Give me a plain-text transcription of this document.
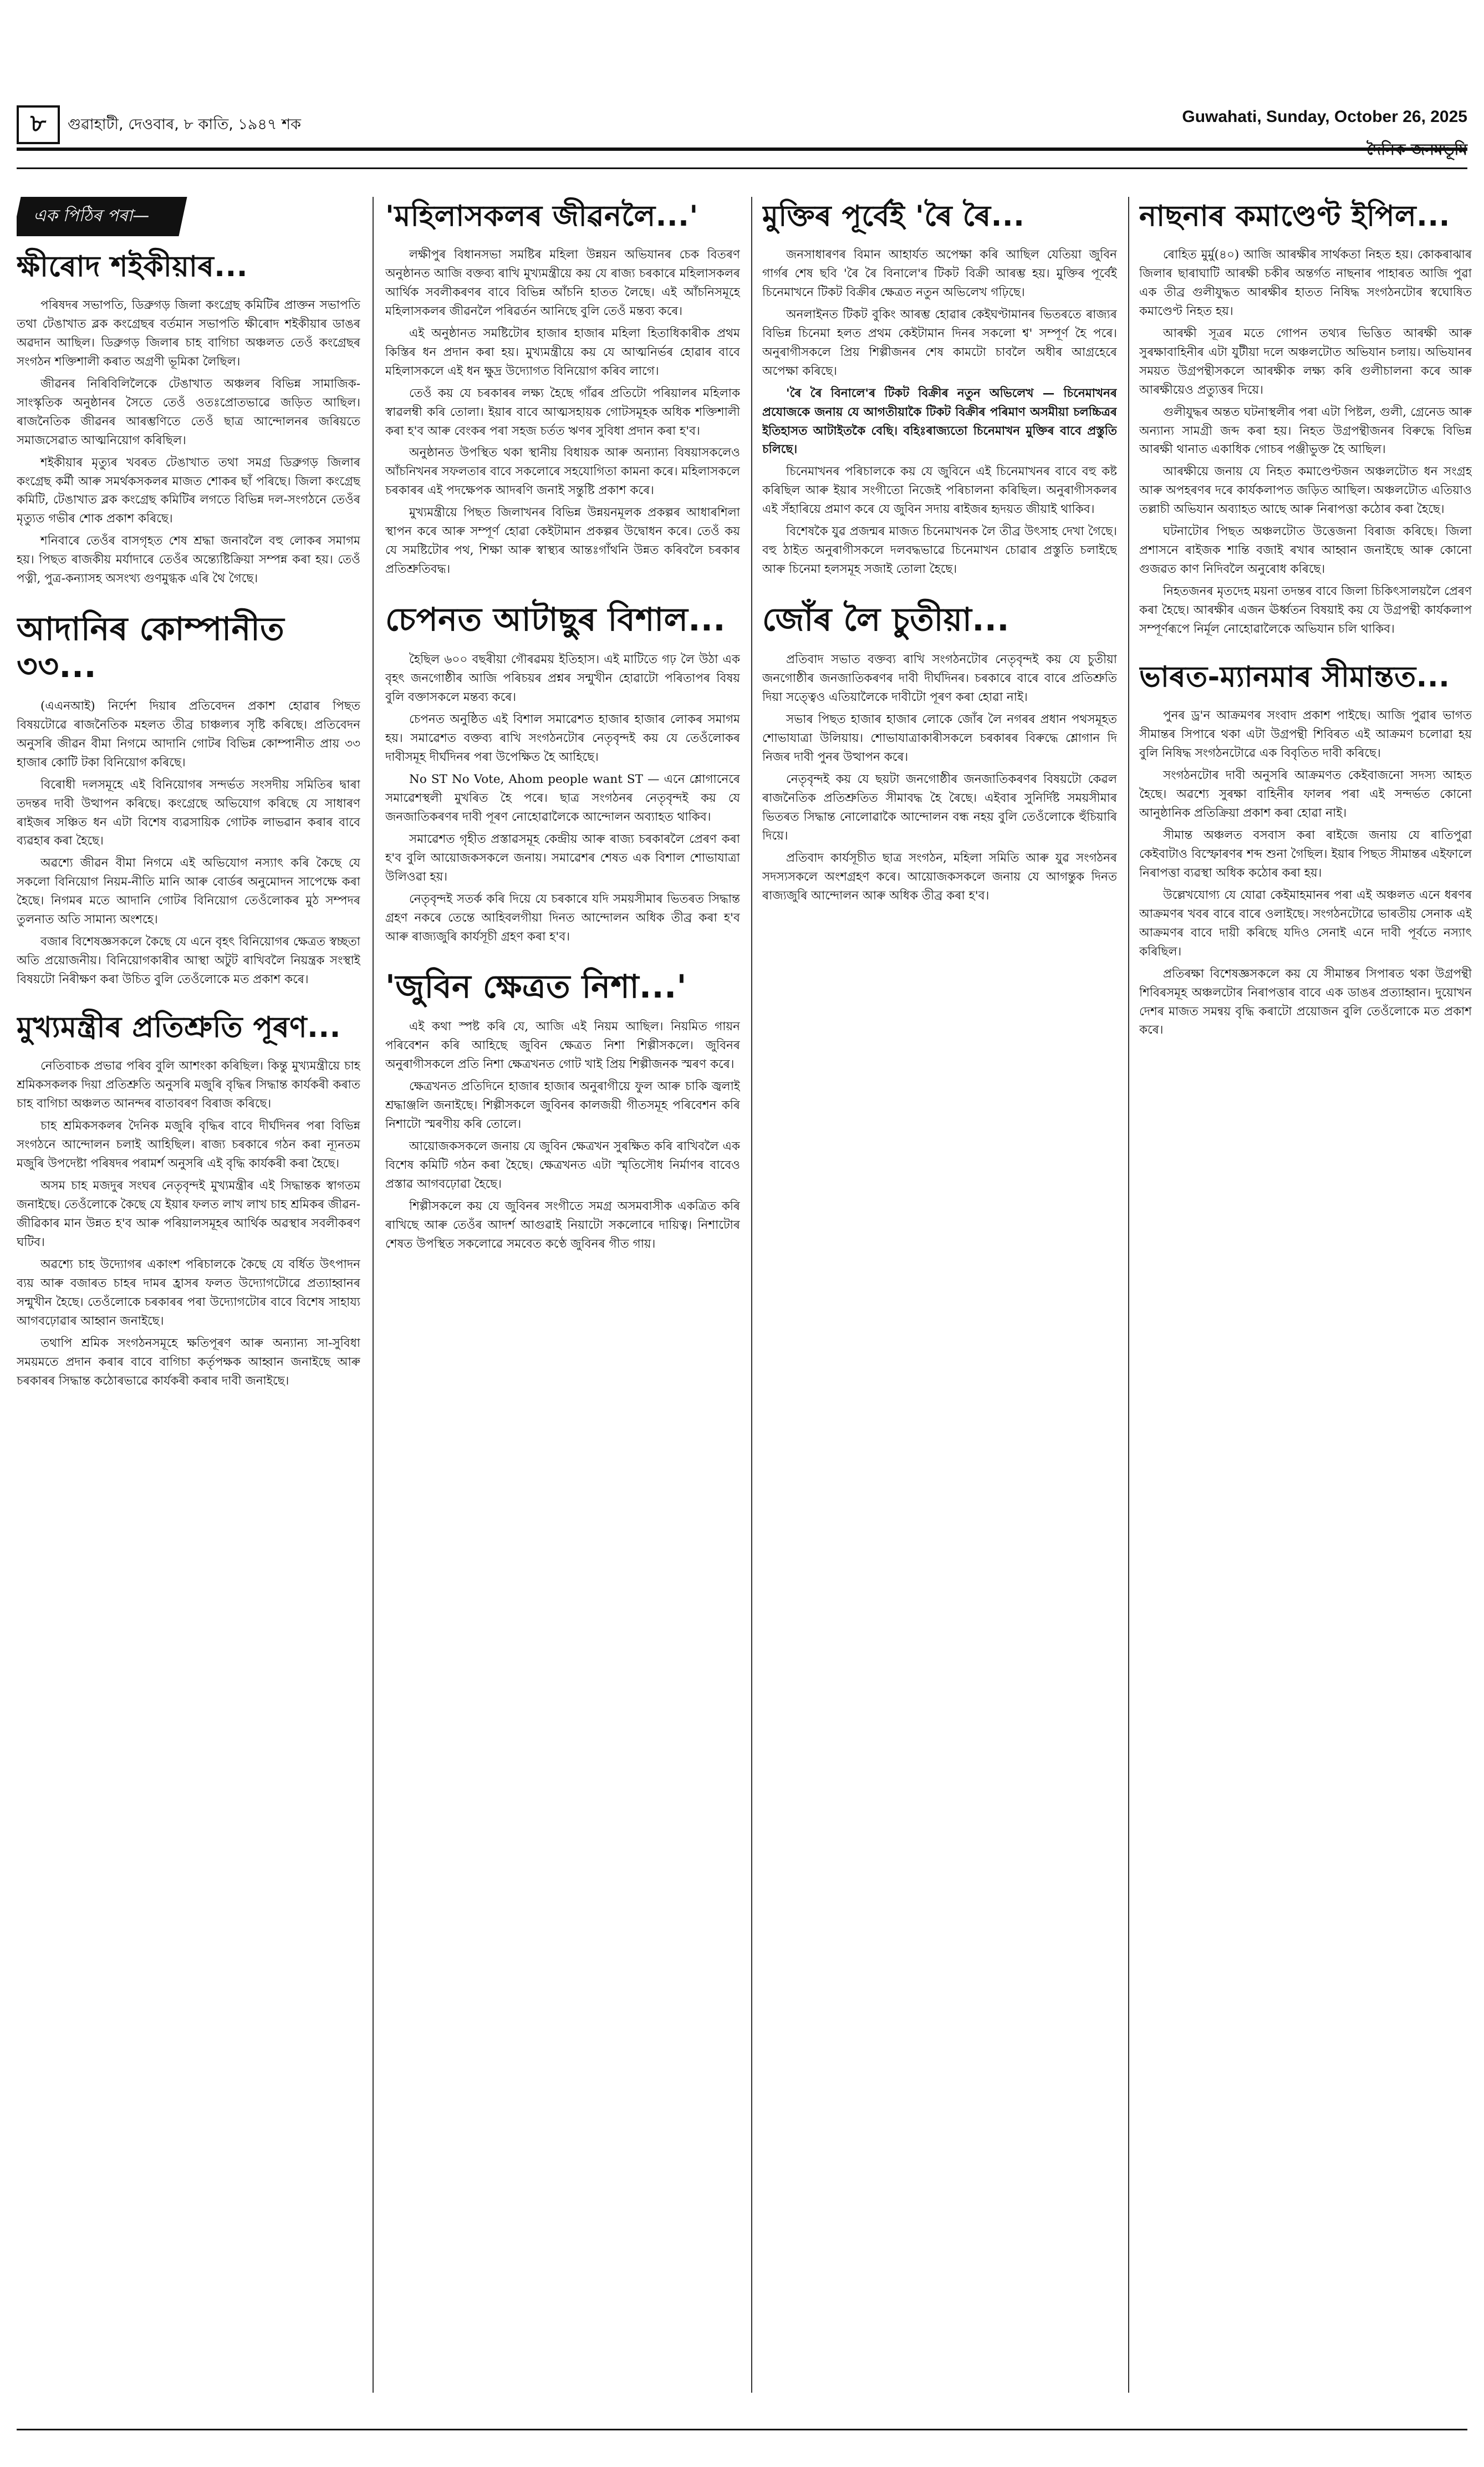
৮	গুৱাহাটী, দেওবাৰ, ৮ কাতি, ১৯৪৭ শক	Guwahati, Sunday, October 26, 2025
দৈনিক জনমভূমি
এক পিঠিৰ পৰা—
ক্ষীৰোদ শইকীয়াৰ...

পৰিষদৰ সভাপতি, ডিব্ৰুগড় জিলা কংগ্ৰেছ কমিটিৰ প্ৰাক্তন সভাপতি তথা টেঙাখাত ব্লক কংগ্ৰেছৰ বৰ্তমান সভাপতি ক্ষীৰোদ শইকীয়াৰ ডাঙৰ অৱদান আছিল। ডিব্ৰুগড় জিলাৰ চাহ বাগিচা অঞ্চলত তেওঁ কংগ্ৰেছৰ সংগঠন শক্তিশালী কৰাত অগ্ৰণী ভূমিকা লৈছিল।

জীৱনৰ নিৰিবিলিলৈকে টেঙাখাত অঞ্চলৰ বিভিন্ন সামাজিক-সাংস্কৃতিক অনুষ্ঠানৰ সৈতে তেওঁ ওতঃপ্ৰোতভাৱে জড়িত আছিল। ৰাজনৈতিক জীৱনৰ আৰম্ভণিতে তেওঁ ছাত্ৰ আন্দোলনৰ জৰিয়তে সমাজসেৱাত আত্মনিয়োগ কৰিছিল।

শইকীয়াৰ মৃত্যুৰ খবৰত টেঙাখাত তথা সমগ্ৰ ডিব্ৰুগড় জিলাৰ কংগ্ৰেছ কৰ্মী আৰু সমৰ্থকসকলৰ মাজত শোকৰ ছাঁ পৰিছে। জিলা কংগ্ৰেছ কমিটি, টেঙাখাত ব্লক কংগ্ৰেছ কমিটিৰ লগতে বিভিন্ন দল-সংগঠনে তেওঁৰ মৃত্যুত গভীৰ শোক প্ৰকাশ কৰিছে।

শনিবাৰে তেওঁৰ বাসগৃহত শেষ শ্ৰদ্ধা জনাবলৈ বহু লোকৰ সমাগম হয়। পিছত ৰাজকীয় মৰ্যাদাৰে তেওঁৰ অন্ত্যেষ্টিক্ৰিয়া সম্পন্ন কৰা হয়। তেওঁ পত্নী, পুত্ৰ-কন্যাসহ অসংখ্য গুণমুগ্ধক এৰি থৈ গৈছে।

আদানিৰ কোম্পানীত ৩৩...

(এএনআই) নিৰ্দেশ দিয়াৰ প্ৰতিবেদন প্ৰকাশ হোৱাৰ পিছত বিষয়টোৱে ৰাজনৈতিক মহলত তীব্ৰ চাঞ্চল্যৰ সৃষ্টি কৰিছে। প্ৰতিবেদন অনুসৰি জীৱন বীমা নিগমে আদানি গোটৰ বিভিন্ন কোম্পানীত প্ৰায় ৩৩ হাজাৰ কোটি টকা বিনিয়োগ কৰিছে।

বিৰোধী দলসমূহে এই বিনিয়োগৰ সন্দৰ্ভত সংসদীয় সমিতিৰ দ্বাৰা তদন্তৰ দাবী উত্থাপন কৰিছে। কংগ্ৰেছে অভিযোগ কৰিছে যে সাধাৰণ ৰাইজৰ সঞ্চিত ধন এটা বিশেষ ব্যৱসায়িক গোটক লাভৱান কৰাৰ বাবে ব্যৱহাৰ কৰা হৈছে।

অৱশ্যে জীৱন বীমা নিগমে এই অভিযোগ নস্যাৎ কৰি কৈছে যে সকলো বিনিয়োগ নিয়ম-নীতি মানি আৰু বোৰ্ডৰ অনুমোদন সাপেক্ষে কৰা হৈছে। নিগমৰ মতে আদানি গোটৰ বিনিয়োগ তেওঁলোকৰ মুঠ সম্পদৰ তুলনাত অতি সামান্য অংশহে।

বজাৰ বিশেষজ্ঞসকলে কৈছে যে এনে বৃহৎ বিনিয়োগৰ ক্ষেত্ৰত স্বচ্ছতা অতি প্ৰয়োজনীয়। বিনিয়োগকাৰীৰ আস্থা অটুট ৰাখিবলৈ নিয়ন্ত্ৰক সংস্থাই বিষয়টো নিৰীক্ষণ কৰা উচিত বুলি তেওঁলোকে মত প্ৰকাশ কৰে।

মুখ্যমন্ত্ৰীৰ প্ৰতিশ্ৰুতি পূৰণ...

নেতিবাচক প্ৰভাৱ পৰিব বুলি আশংকা কৰিছিল। কিন্তু মুখ্যমন্ত্ৰীয়ে চাহ শ্ৰমিকসকলক দিয়া প্ৰতিশ্ৰুতি অনুসৰি মজুৰি বৃদ্ধিৰ সিদ্ধান্ত কাৰ্যকৰী কৰাত চাহ বাগিচা অঞ্চলত আনন্দৰ বাতাবৰণ বিৰাজ কৰিছে।

চাহ শ্ৰমিকসকলৰ দৈনিক মজুৰি বৃদ্ধিৰ বাবে দীৰ্ঘদিনৰ পৰা বিভিন্ন সংগঠনে আন্দোলন চলাই আহিছিল। ৰাজ্য চৰকাৰে গঠন কৰা ন্যূনতম মজুৰি উপদেষ্টা পৰিষদৰ পৰামৰ্শ অনুসৰি এই বৃদ্ধি কাৰ্যকৰী কৰা হৈছে।

অসম চাহ মজদুৰ সংঘৰ নেতৃবৃন্দই মুখ্যমন্ত্ৰীৰ এই সিদ্ধান্তক স্বাগতম জনাইছে। তেওঁলোকে কৈছে যে ইয়াৰ ফলত লাখ লাখ চাহ শ্ৰমিকৰ জীৱন-জীৱিকাৰ মান উন্নত হ'ব আৰু পৰিয়ালসমূহৰ আৰ্থিক অৱস্থাৰ সবলীকৰণ ঘটিব।

অৱশ্যে চাহ উদ্যোগৰ একাংশ পৰিচালকে কৈছে যে বৰ্ধিত উৎপাদন ব্যয় আৰু বজাৰত চাহৰ দামৰ হ্ৰাসৰ ফলত উদ্যোগটোৱে প্ৰত্যাহ্বানৰ সন্মুখীন হৈছে। তেওঁলোকে চৰকাৰৰ পৰা উদ্যোগটোৰ বাবে বিশেষ সাহায্য আগবঢ়োৱাৰ আহ্বান জনাইছে।

তথাপি শ্ৰমিক সংগঠনসমূহে ক্ষতিপূৰণ আৰু অন্যান্য সা-সুবিধা সময়মতে প্ৰদান কৰাৰ বাবে বাগিচা কৰ্তৃপক্ষক আহ্বান জনাইছে আৰু চৰকাৰৰ সিদ্ধান্ত কঠোৰভাৱে কাৰ্যকৰী কৰাৰ দাবী জনাইছে।

'মহিলাসকলৰ জীৱনলৈ...'

লক্ষীপুৰ বিধানসভা সমষ্টিৰ মহিলা উন্নয়ন অভিযানৰ চেক বিতৰণ অনুষ্ঠানত আজি বক্তব্য ৰাখি মুখ্যমন্ত্ৰীয়ে কয় যে ৰাজ্য চৰকাৰে মহিলাসকলৰ আৰ্থিক সবলীকৰণৰ বাবে বিভিন্ন আঁচনি হাতত লৈছে। এই আঁচনিসমূহে মহিলাসকলৰ জীৱনলৈ পৰিৱৰ্তন আনিছে বুলি তেওঁ মন্তব্য কৰে।

এই অনুষ্ঠানত সমষ্টিটোৰ হাজাৰ হাজাৰ মহিলা হিতাধিকাৰীক প্ৰথম কিস্তিৰ ধন প্ৰদান কৰা হয়। মুখ্যমন্ত্ৰীয়ে কয় যে আত্মনিৰ্ভৰ হোৱাৰ বাবে মহিলাসকলে এই ধন ক্ষুদ্ৰ উদ্যোগত বিনিয়োগ কৰিব লাগে।

তেওঁ কয় যে চৰকাৰৰ লক্ষ্য হৈছে গাঁৱৰ প্ৰতিটো পৰিয়ালৰ মহিলাক স্বাৱলম্বী কৰি তোলা। ইয়াৰ বাবে আত্মসহায়ক গোটসমূহক অধিক শক্তিশালী কৰা হ'ব আৰু বেংকৰ পৰা সহজ চৰ্তত ঋণৰ সুবিধা প্ৰদান কৰা হ'ব।

অনুষ্ঠানত উপস্থিত থকা স্থানীয় বিধায়ক আৰু অন্যান্য বিষয়াসকলেও আঁচনিখনৰ সফলতাৰ বাবে সকলোৰে সহযোগিতা কামনা কৰে। মহিলাসকলে চৰকাৰৰ এই পদক্ষেপক আদৰণি জনাই সন্তুষ্টি প্ৰকাশ কৰে।

মুখ্যমন্ত্ৰীয়ে পিছত জিলাখনৰ বিভিন্ন উন্নয়নমূলক প্ৰকল্পৰ আধাৰশিলা স্থাপন কৰে আৰু সম্পূৰ্ণ হোৱা কেইটামান প্ৰকল্পৰ উদ্বোধন কৰে। তেওঁ কয় যে সমষ্টিটোৰ পথ, শিক্ষা আৰু স্বাস্থ্যৰ আন্তঃগাঁথনি উন্নত কৰিবলৈ চৰকাৰ প্ৰতিশ্ৰুতিবদ্ধ।

চেপনত আটাছুৰ বিশাল...

হৈছিল ৬০০ বছৰীয়া গৌৰৱময় ইতিহাস। এই মাটিতে গঢ় লৈ উঠা এক বৃহৎ জনগোষ্ঠীৰ আজি পৰিচয়ৰ প্ৰশ্নৰ সন্মুখীন হোৱাটো পৰিতাপৰ বিষয় বুলি বক্তাসকলে মন্তব্য কৰে।

চেপনত অনুষ্ঠিত এই বিশাল সমাৱেশত হাজাৰ হাজাৰ লোকৰ সমাগম হয়। সমাৱেশত বক্তব্য ৰাখি সংগঠনটোৰ নেতৃবৃন্দই কয় যে তেওঁলোকৰ দাবীসমূহ দীৰ্ঘদিনৰ পৰা উপেক্ষিত হৈ আহিছে।

No ST No Vote, Ahom people want ST — এনে শ্লোগানেৰে সমাৱেশস্থলী মুখৰিত হৈ পৰে। ছাত্ৰ সংগঠনৰ নেতৃবৃন্দই কয় যে জনজাতিকৰণৰ দাবী পূৰণ নোহোৱালৈকে আন্দোলন অব্যাহত থাকিব।

সমাৱেশত গৃহীত প্ৰস্তাৱসমূহ কেন্দ্ৰীয় আৰু ৰাজ্য চৰকাৰলৈ প্ৰেৰণ কৰা হ'ব বুলি আয়োজকসকলে জনায়। সমাৱেশৰ শেষত এক বিশাল শোভাযাত্ৰা উলিওৱা হয়।

নেতৃবৃন্দই সতৰ্ক কৰি দিয়ে যে চৰকাৰে যদি সময়সীমাৰ ভিতৰত সিদ্ধান্ত গ্ৰহণ নকৰে তেন্তে আহিবলগীয়া দিনত আন্দোলন অধিক তীব্ৰ কৰা হ'ব আৰু ৰাজ্যজুৰি কাৰ্যসূচী গ্ৰহণ কৰা হ'ব।

'জুবিন ক্ষেত্ৰত নিশা...'

এই কথা স্পষ্ট কৰি যে, আজি এই নিয়ম আছিল। নিয়মিত গায়ন পৰিবেশন কৰি আহিছে জুবিন ক্ষেত্ৰত নিশা শিল্পীসকলে। জুবিনৰ অনুৰাগীসকলে প্ৰতি নিশা ক্ষেত্ৰখনত গোট খাই প্ৰিয় শিল্পীজনক স্মৰণ কৰে।

ক্ষেত্ৰখনত প্ৰতিদিনে হাজাৰ হাজাৰ অনুৰাগীয়ে ফুল আৰু চাকি জ্বলাই শ্ৰদ্ধাঞ্জলি জনাইছে। শিল্পীসকলে জুবিনৰ কালজয়ী গীতসমূহ পৰিবেশন কৰি নিশাটো স্মৰণীয় কৰি তোলে।

আয়োজকসকলে জনায় যে জুবিন ক্ষেত্ৰখন সুৰক্ষিত কৰি ৰাখিবলৈ এক বিশেষ কমিটি গঠন কৰা হৈছে। ক্ষেত্ৰখনত এটা স্মৃতিসৌধ নিৰ্মাণৰ বাবেও প্ৰস্তাৱ আগবঢ়োৱা হৈছে।

শিল্পীসকলে কয় যে জুবিনৰ সংগীতে সমগ্ৰ অসমবাসীক একত্ৰিত কৰি ৰাখিছে আৰু তেওঁৰ আদৰ্শ আগুৱাই নিয়াটো সকলোৰে দায়িত্ব। নিশাটোৰ শেষত উপস্থিত সকলোৱে সমবেত কণ্ঠে জুবিনৰ গীত গায়।

মুক্তিৰ পূৰ্বেই 'ৰৈ ৰৈ...

জনসাধাৰণৰ বিমান আহাৰ্যত অপেক্ষা কৰি আছিল যেতিয়া জুবিন গাৰ্গৰ শেষ ছবি 'ৰৈ ৰৈ বিনালে'ৰ টিকট বিক্ৰী আৰম্ভ হয়। মুক্তিৰ পূৰ্বেই চিনেমাখনে টিকট বিক্ৰীৰ ক্ষেত্ৰত নতুন অভিলেখ গঢ়িছে।

অনলাইনত টিকট বুকিং আৰম্ভ হোৱাৰ কেইঘণ্টামানৰ ভিতৰতে ৰাজ্যৰ বিভিন্ন চিনেমা হলত প্ৰথম কেইটামান দিনৰ সকলো শ্ব' সম্পূৰ্ণ হৈ পৰে। অনুৰাগীসকলে প্ৰিয় শিল্পীজনৰ শেষ কামটো চাবলৈ অধীৰ আগ্ৰহেৰে অপেক্ষা কৰিছে।

'ৰৈ ৰৈ বিনালে'ৰ টিকট বিক্ৰীৰ নতুন অভিলেখ — চিনেমাখনৰ প্ৰযোজকে জনায় যে আগতীয়াকৈ টিকট বিক্ৰীৰ পৰিমাণ অসমীয়া চলচ্চিত্ৰৰ ইতিহাসত আটাইতকৈ বেছি। বহিঃৰাজ্যতো চিনেমাখন মুক্তিৰ বাবে প্ৰস্তুতি চলিছে।

চিনেমাখনৰ পৰিচালকে কয় যে জুবিনে এই চিনেমাখনৰ বাবে বহু কষ্ট কৰিছিল আৰু ইয়াৰ সংগীতো নিজেই পৰিচালনা কৰিছিল। অনুৰাগীসকলৰ এই সঁহাৰিয়ে প্ৰমাণ কৰে যে জুবিন সদায় ৰাইজৰ হৃদয়ত জীয়াই থাকিব।

বিশেষকৈ যুৱ প্ৰজন্মৰ মাজত চিনেমাখনক লৈ তীব্ৰ উৎসাহ দেখা গৈছে। বহু ঠাইত অনুৰাগীসকলে দলবদ্ধভাৱে চিনেমাখন চোৱাৰ প্ৰস্তুতি চলাইছে আৰু চিনেমা হলসমূহ সজাই তোলা হৈছে।

জোঁৰ লৈ চুতীয়া...

প্ৰতিবাদ সভাত বক্তব্য ৰাখি সংগঠনটোৰ নেতৃবৃন্দই কয় যে চুতীয়া জনগোষ্ঠীৰ জনজাতিকৰণৰ দাবী দীৰ্ঘদিনৰ। চৰকাৰে বাৰে বাৰে প্ৰতিশ্ৰুতি দিয়া সত্ত্বেও এতিয়ালৈকে দাবীটো পূৰণ কৰা হোৱা নাই।

সভাৰ পিছত হাজাৰ হাজাৰ লোকে জোঁৰ লৈ নগৰৰ প্ৰধান পথসমূহত শোভাযাত্ৰা উলিয়ায়। শোভাযাত্ৰাকাৰীসকলে চৰকাৰৰ বিৰুদ্ধে শ্লোগান দি নিজৰ দাবী পুনৰ উত্থাপন কৰে।

নেতৃবৃন্দই কয় যে ছয়টা জনগোষ্ঠীৰ জনজাতিকৰণৰ বিষয়টো কেৱল ৰাজনৈতিক প্ৰতিশ্ৰুতিত সীমাবদ্ধ হৈ ৰৈছে। এইবাৰ সুনিৰ্দিষ্ট সময়সীমাৰ ভিতৰত সিদ্ধান্ত নোলোৱাকৈ আন্দোলন বন্ধ নহয় বুলি তেওঁলোকে হুঁচিয়াৰি দিয়ে।

প্ৰতিবাদ কাৰ্যসূচীত ছাত্ৰ সংগঠন, মহিলা সমিতি আৰু যুৱ সংগঠনৰ সদস্যসকলে অংশগ্ৰহণ কৰে। আয়োজকসকলে জনায় যে আগন্তুক দিনত ৰাজ্যজুৰি আন্দোলন আৰু অধিক তীব্ৰ কৰা হ'ব।

নাছনাৰ কমাণ্ডেণ্ট ইপিল...

ৰোহিত মুৰ্মু(৪০) আজি আৰক্ষীৰ সাৰ্থকতা নিহত হয়। কোকৰাঝাৰ জিলাৰ ছাৰাঘাটি আৰক্ষী চকীৰ অন্তৰ্গত নাছনাৰ পাহাৰত আজি পুৱা এক তীব্ৰ গুলীযুদ্ধত আৰক্ষীৰ হাতত নিষিদ্ধ সংগঠনটোৰ স্বঘোষিত কমাণ্ডেণ্ট নিহত হয়।

আৰক্ষী সূত্ৰৰ মতে গোপন তথ্যৰ ভিত্তিত আৰক্ষী আৰু সুৰক্ষাবাহিনীৰ এটা যুটীয়া দলে অঞ্চলটোত অভিযান চলায়। অভিযানৰ সময়ত উগ্ৰপন্থীসকলে আৰক্ষীক লক্ষ্য কৰি গুলীচালনা কৰে আৰু আৰক্ষীয়েও প্ৰত্যুত্তৰ দিয়ে।

গুলীযুদ্ধৰ অন্তত ঘটনাস্থলীৰ পৰা এটা পিষ্টল, গুলী, গ্ৰেনেড আৰু অন্যান্য সামগ্ৰী জব্দ কৰা হয়। নিহত উগ্ৰপন্থীজনৰ বিৰুদ্ধে বিভিন্ন আৰক্ষী থানাত একাধিক গোচৰ পঞ্জীভুক্ত হৈ আছিল।

আৰক্ষীয়ে জনায় যে নিহত কমাণ্ডেণ্টজন অঞ্চলটোত ধন সংগ্ৰহ আৰু অপহৰণৰ দৰে কাৰ্যকলাপত জড়িত আছিল। অঞ্চলটোত এতিয়াও তল্লাচী অভিযান অব্যাহত আছে আৰু নিৰাপত্তা কঠোৰ কৰা হৈছে।

ঘটনাটোৰ পিছত অঞ্চলটোত উত্তেজনা বিৰাজ কৰিছে। জিলা প্ৰশাসনে ৰাইজক শান্তি বজাই ৰখাৰ আহ্বান জনাইছে আৰু কোনো গুজৱত কাণ নিদিবলৈ অনুৰোধ কৰিছে।

নিহতজনৰ মৃতদেহ ময়না তদন্তৰ বাবে জিলা চিকিৎসালয়লৈ প্ৰেৰণ কৰা হৈছে। আৰক্ষীৰ এজন ঊৰ্ধ্বতন বিষয়াই কয় যে উগ্ৰপন্থী কাৰ্যকলাপ সম্পূৰ্ণৰূপে নিৰ্মূল নোহোৱালৈকে অভিযান চলি থাকিব।

ভাৰত-ম্যানমাৰ সীমান্তত...

পুনৰ ড্ৰ'ন আক্ৰমণৰ সংবাদ প্ৰকাশ পাইছে। আজি পুৱাৰ ভাগত সীমান্তৰ সিপাৰে থকা এটা উগ্ৰপন্থী শিবিৰত এই আক্ৰমণ চলোৱা হয় বুলি নিষিদ্ধ সংগঠনটোৱে এক বিবৃতিত দাবী কৰিছে।

সংগঠনটোৰ দাবী অনুসৰি আক্ৰমণত কেইবাজনো সদস্য আহত হৈছে। অৱশ্যে সুৰক্ষা বাহিনীৰ ফালৰ পৰা এই সন্দৰ্ভত কোনো আনুষ্ঠানিক প্ৰতিক্ৰিয়া প্ৰকাশ কৰা হোৱা নাই।

সীমান্ত অঞ্চলত বসবাস কৰা ৰাইজে জনায় যে ৰাতিপুৱা কেইবাটাও বিস্ফোৰণৰ শব্দ শুনা গৈছিল। ইয়াৰ পিছত সীমান্তৰ এইফালে নিৰাপত্তা ব্যৱস্থা অধিক কঠোৰ কৰা হয়।

উল্লেখযোগ্য যে যোৱা কেইমাহমানৰ পৰা এই অঞ্চলত এনে ধৰণৰ আক্ৰমণৰ খবৰ বাৰে বাৰে ওলাইছে। সংগঠনটোৱে ভাৰতীয় সেনাক এই আক্ৰমণৰ বাবে দায়ী কৰিছে যদিও সেনাই এনে দাবী পূৰ্বতে নস্যাৎ কৰিছিল।

প্ৰতিৰক্ষা বিশেষজ্ঞসকলে কয় যে সীমান্তৰ সিপাৰত থকা উগ্ৰপন্থী শিবিৰসমূহ অঞ্চলটোৰ নিৰাপত্তাৰ বাবে এক ডাঙৰ প্ৰত্যাহ্বান। দুয়োখন দেশৰ মাজত সমন্বয় বৃদ্ধি কৰাটো প্ৰয়োজন বুলি তেওঁলোকে মত প্ৰকাশ কৰে।
